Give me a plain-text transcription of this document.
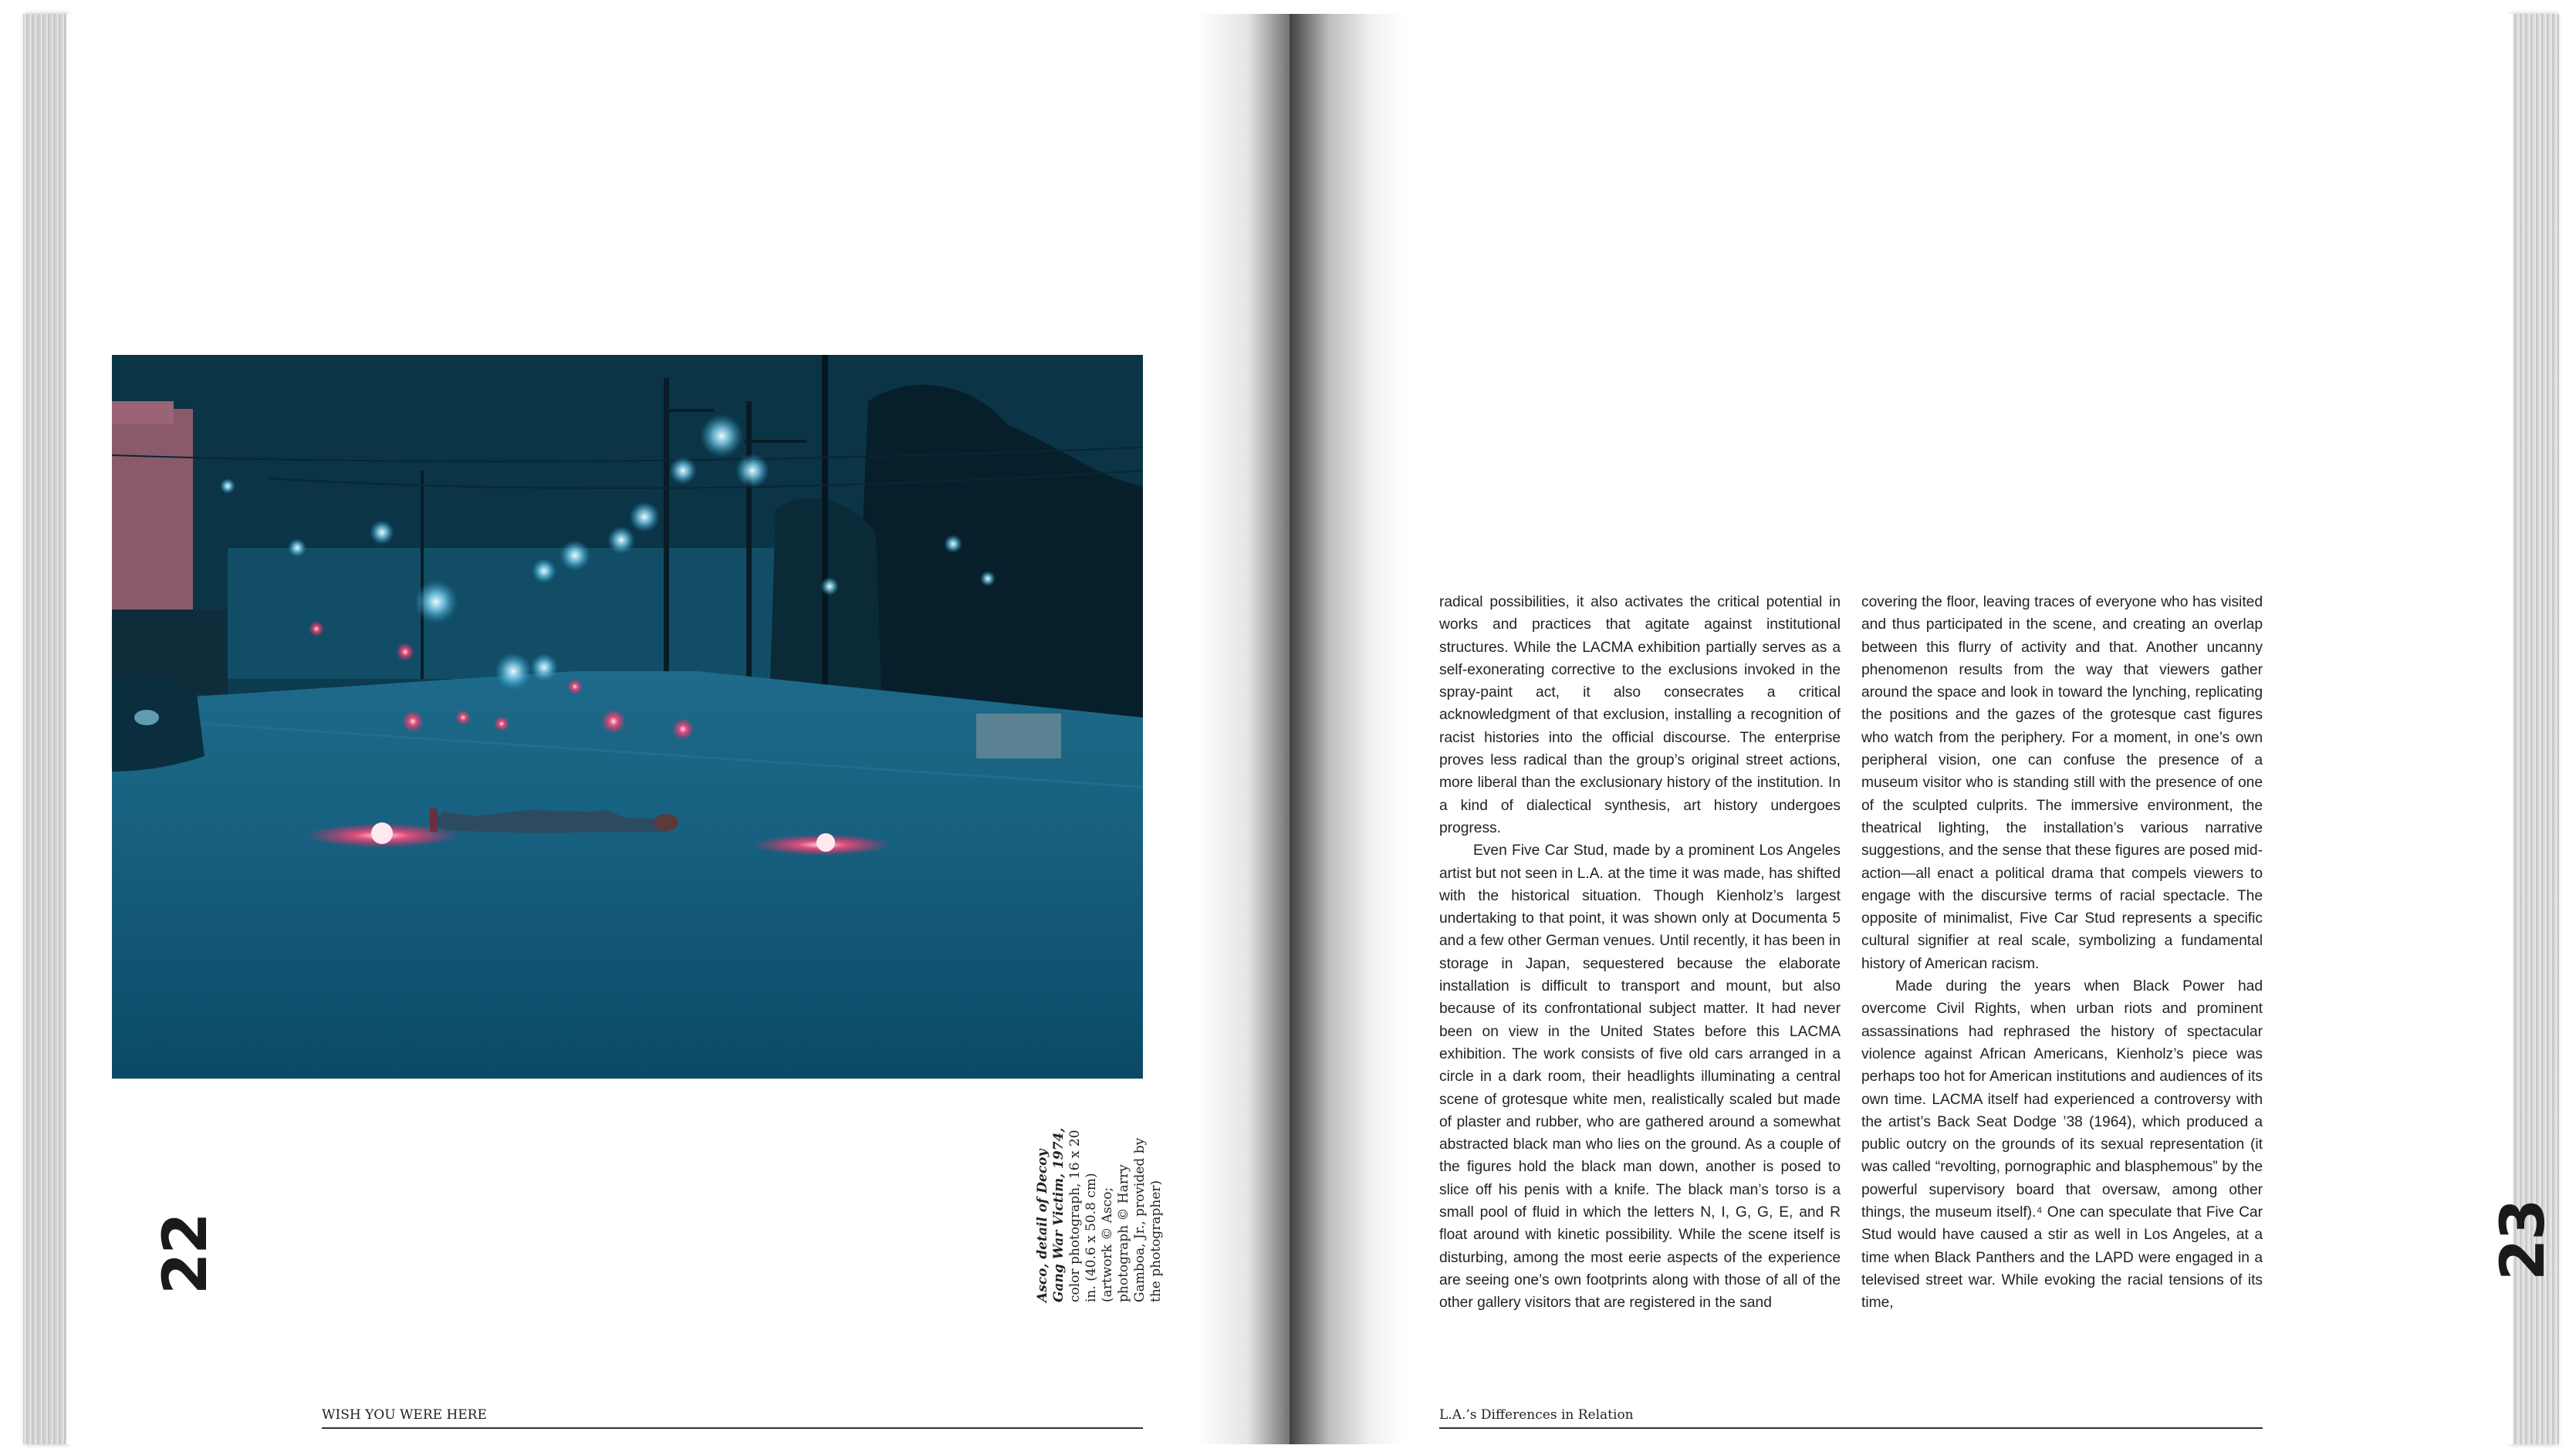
Asco, detail of Decoy Gang War Victim, 1974, color photograph, 16 x 20 in. (40.6 x 50.8 cm) (artwork © Asco; photograph © Harry Gamboa, Jr., provided by the photographer)
22
WISH YOU WERE HERE

radical possibilities, it also activates the critical potential in works and practices that agitate against institutional structures. While the LACMA exhibition partially serves as a self-exonerating corrective to the exclusions invoked in the spray-paint act, it also consecrates a critical acknowledgment of that exclusion, installing a recognition of racist histories into the official discourse. The enterprise proves less radical than the group’s original street actions, more liberal than the exclusionary history of the institution. In a kind of dialectical synthesis, art history undergoes progress.

Even Five Car Stud, made by a prominent Los Angeles artist but not seen in L.A. at the time it was made, has shifted with the historical situation. Though Kienholz’s largest undertaking to that point, it was shown only at Documenta 5 and a few other German venues. Until recently, it has been in storage in Japan, sequestered because the elaborate installation is difficult to transport and mount, but also because of its confrontational subject matter. It had never been on view in the United States before this LACMA exhibition. The work consists of five old cars arranged in a circle in a dark room, their headlights illuminating a central scene of grotesque white men, realistically scaled but made of plaster and rubber, who are gathered around a somewhat abstracted black man who lies on the ground. As a couple of the figures hold the black man down, another is posed to slice off his penis with a knife. The black man’s torso is a small pool of fluid in which the letters N, I, G, G, E, and R float around with kinetic possibility. While the scene itself is disturbing, among the most eerie aspects of the experience are seeing one’s own footprints along with those of all of the other gallery visitors that are registered in the sand

covering the floor, leaving traces of everyone who has visited and thus participated in the scene, and creating an overlap between this flurry of activity and that. Another uncanny phenomenon results from the way that viewers gather around the space and look in toward the lynching, replicating the positions and the gazes of the grotesque cast figures who watch from the periphery. For a moment, in one’s own peripheral vision, one can confuse the presence of a museum visitor who is standing still with the presence of one of the sculpted culprits. The immersive environment, the theatrical lighting, the installation’s various narrative suggestions, and the sense that these figures are posed mid-action—all enact a political drama that compels viewers to engage with the discursive terms of racial spectacle. The opposite of minimalist, Five Car Stud represents a specific cultural signifier at real scale, symbolizing a fundamental history of American racism.

Made during the years when Black Power had overcome Civil Rights, when urban riots and prominent assassinations had rephrased the history of spectacular violence against African Americans, Kienholz’s piece was perhaps too hot for American institutions and audiences of its own time. LACMA itself had experienced a controversy with the artist’s Back Seat Dodge ’38 (1964), which produced a public outcry on the grounds of its sexual representation (it was called “revolting, pornographic and blasphemous” by the powerful supervisory board that oversaw, among other things, the museum itself).⁴ One can speculate that Five Car Stud would have caused a stir as well in Los Angeles, at a time when Black Panthers and the LAPD were engaged in a televised street war. While evoking the racial tensions of its time,

L.A.’s Differences in Relation
23
